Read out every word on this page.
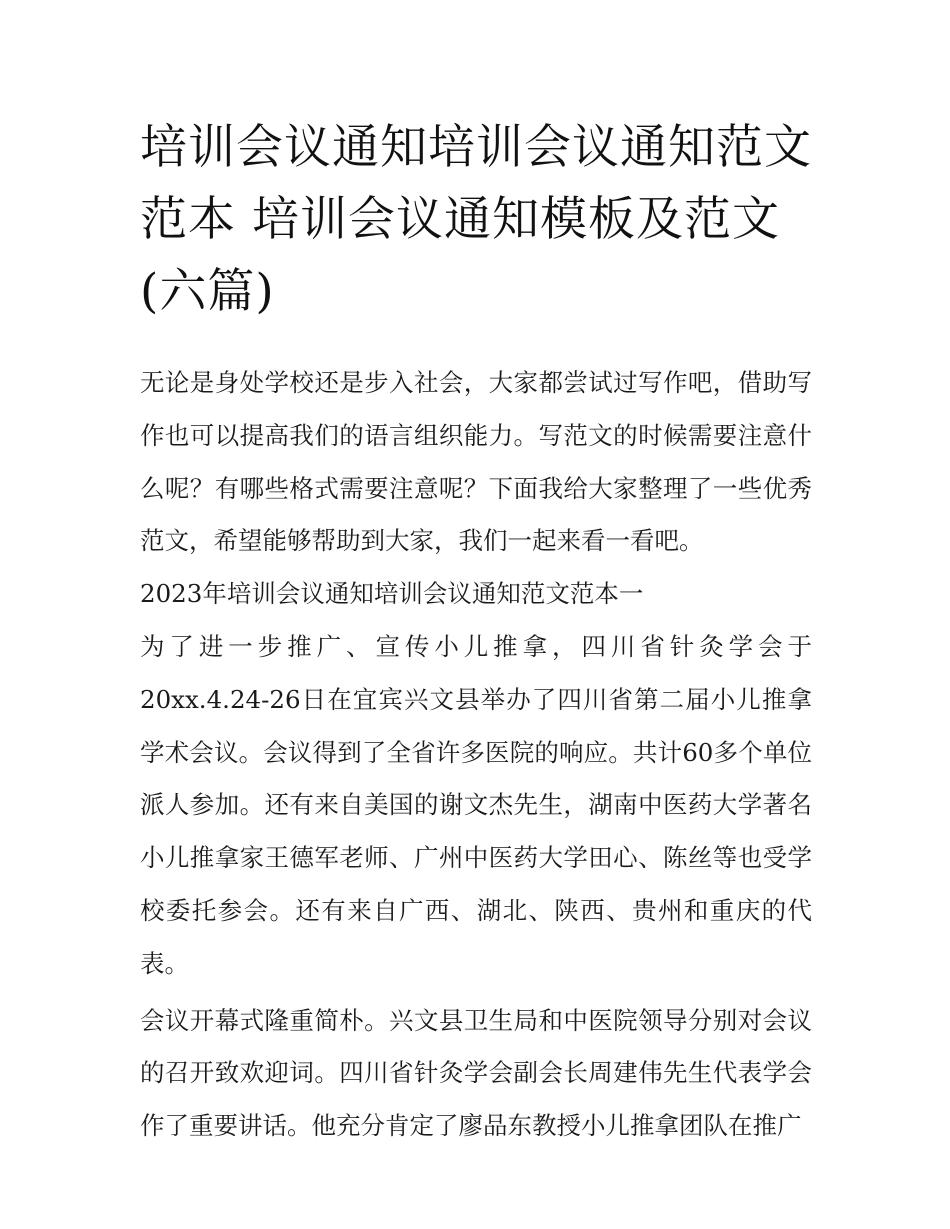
培训会议通知培训会议通知范文范本 培训会议通知模板及范文(六篇)

无论是身处学校还是步入社会，大家都尝试过写作吧，借助写作也可以提高我们的语言组织能力。写范文的时候需要注意什么呢？有哪些格式需要注意呢？下面我给大家整理了一些优秀范文，希望能够帮助到大家，我们一起来看一看吧。

2023年培训会议通知培训会议通知范文范本一

为了进一步推广、宣传小儿推拿，四川省针灸学会于20xx.4.24-26日在宜宾兴文县举办了四川省第二届小儿推拿学术会议。会议得到了全省许多医院的响应。共计60多个单位派人参加。还有来自美国的谢文杰先生，湖南中医药大学著名小儿推拿家王德军老师、广州中医药大学田心、陈丝等也受学校委托参会。还有来自广西、湖北、陕西、贵州和重庆的代表。

会议开幕式隆重简朴。兴文县卫生局和中医院领导分别对会议的召开致欢迎词。四川省针灸学会副会长周建伟先生代表学会作了重要讲话。他充分肯定了廖品东教授小儿推拿团队在推广
